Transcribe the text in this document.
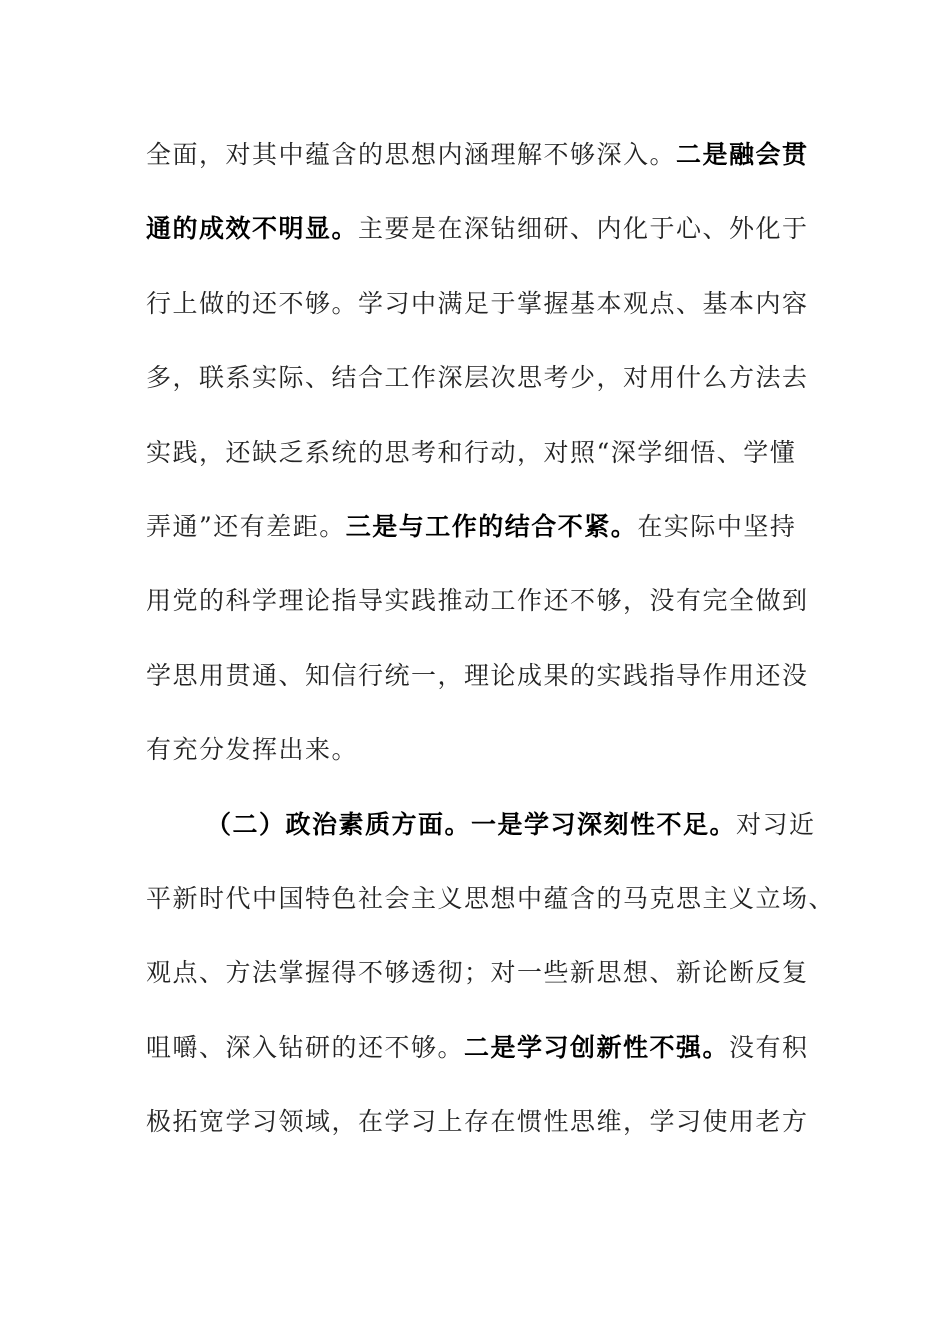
全面，对其中蕴含的思想内涵理解不够深入。二是融会贯
通的成效不明显。主要是在深钻细研、内化于心、外化于
行上做的还不够。学习中满足于掌握基本观点、基本内容
多，联系实际、结合工作深层次思考少，对用什么方法去
实践，还缺乏系统的思考和行动，对照“深学细悟、学懂
弄通”还有差距。三是与工作的结合不紧。在实际中坚持
用党的科学理论指导实践推动工作还不够，没有完全做到
学思用贯通、知信行统一，理论成果的实践指导作用还没
有充分发挥出来。
（二）政治素质方面。一是学习深刻性不足。对习近
平新时代中国特色社会主义思想中蕴含的马克思主义立场、
观点、方法掌握得不够透彻；对一些新思想、新论断反复
咀嚼、深入钻研的还不够。二是学习创新性不强。没有积
极拓宽学习领域，在学习上存在惯性思维，学习使用老方
